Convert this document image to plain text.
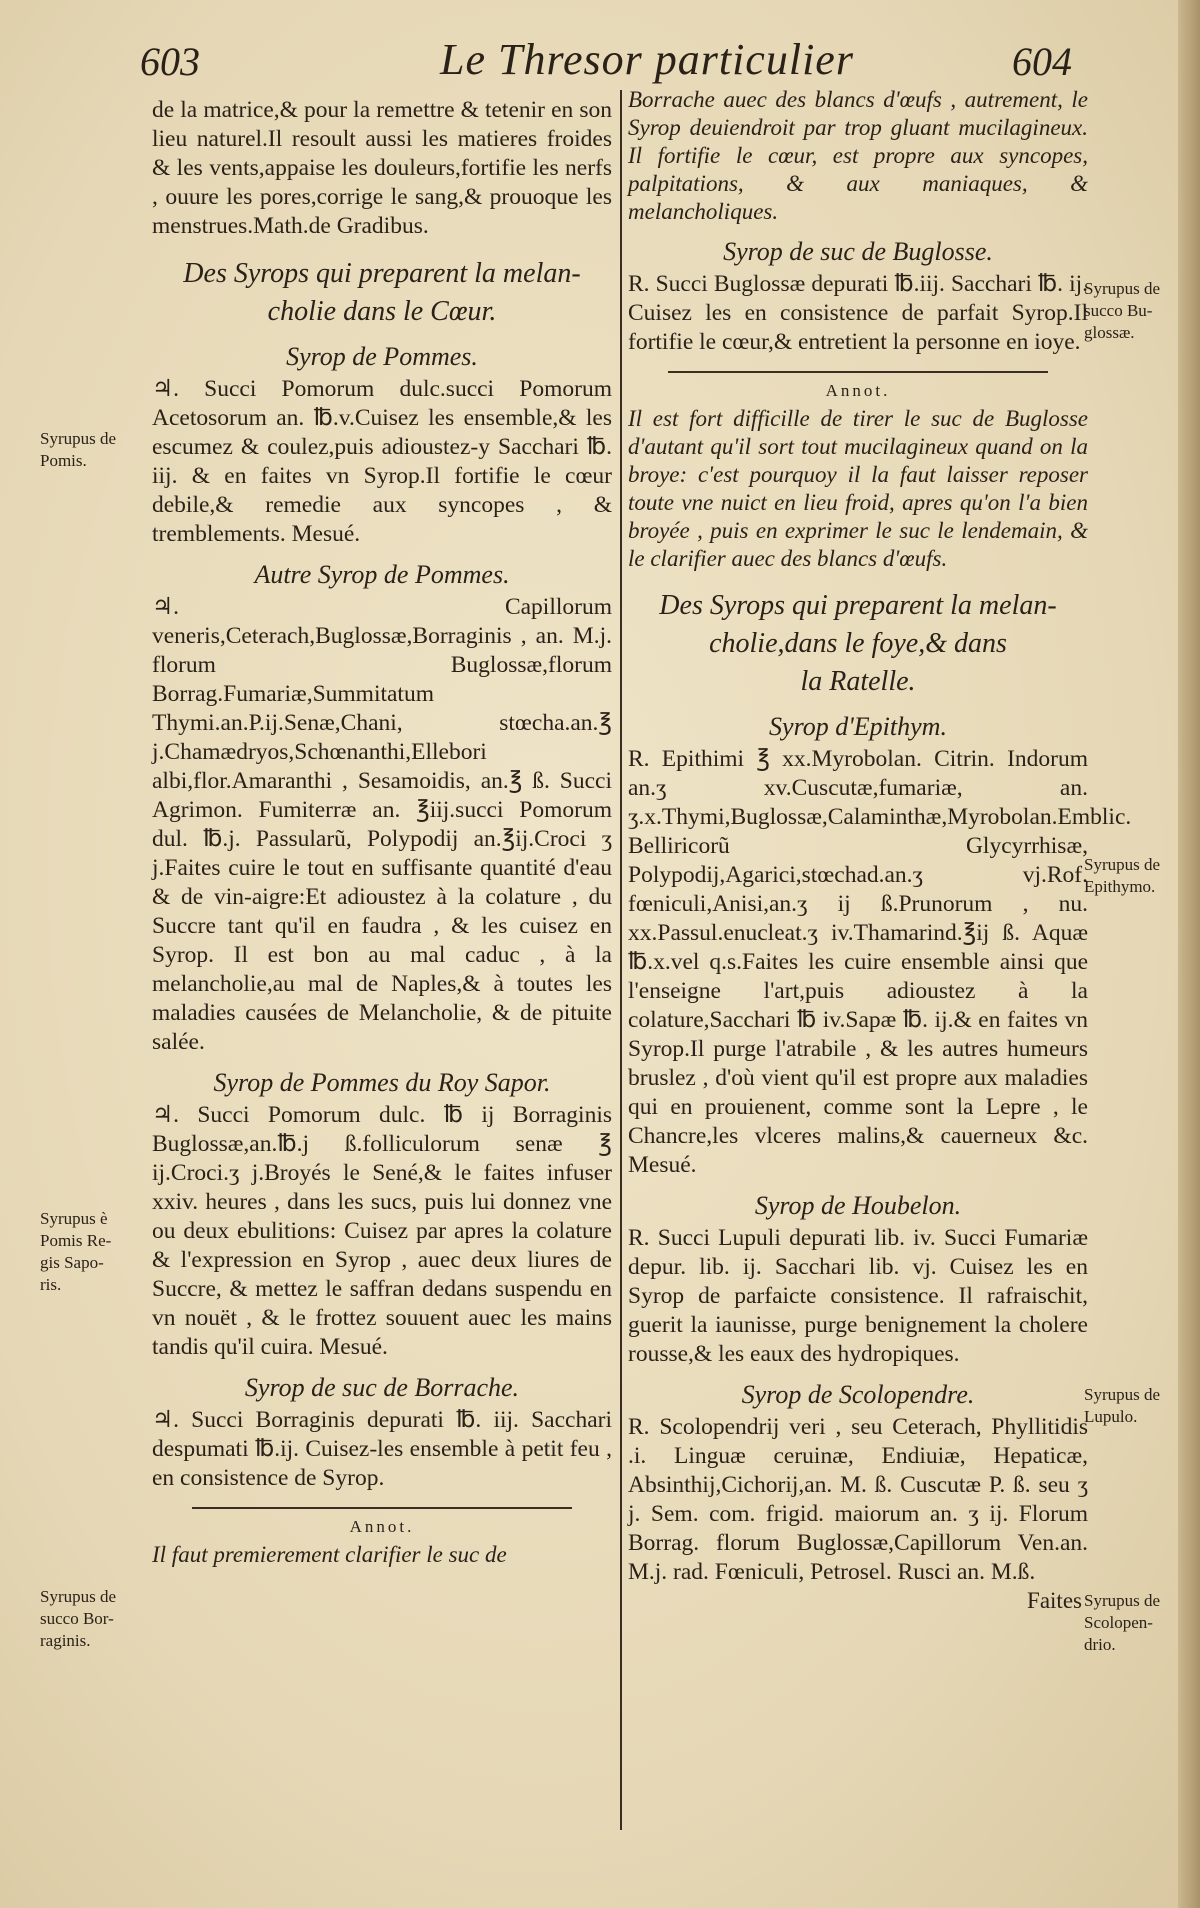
603	Le Thresor particulier	604
Syrupus de
Pomis.
Syrupus è
Pomis Re-
gis Sapo-
ris.
Syrupus de
succo Bor-
raginis.
Syrupus de
succo Bu-
glossæ.
Syrupus de
Epithymo.
Syrupus de
Lupulo.
Syrupus de
Scolopen-
drio.

de la matrice,& pour la remettre & tetenir en son lieu naturel.Il resoult aussi les matieres froides & les vents,appaise les douleurs,fortifie les nerfs , ouure les pores,corrige le sang,& prouoque les menstrues.Math.de Gradibus.

Des Syrops qui preparent la melan-
cholie dans le Cœur.
Syrop de Pommes.

♃. Succi Pomorum dulc.succi Pomorum Acetosorum an. ℔.v.Cuisez les ensemble,& les escumez & coulez,puis adioustez-y Sacchari ℔. iij. & en faites vn Syrop.Il fortifie le cœur debile,& remedie aux syncopes , & tremblements. Mesué.

Autre Syrop de Pommes.

♃. Capillorum veneris,Ceterach,Buglossæ,Borraginis , an. M.j. florum Buglossæ,florum Borrag.Fumariæ,Summitatum Thymi.an.P.ij.Senæ,Chani, stœcha.an.℥ j.Chamædryos,Schœnanthi,Ellebori albi,flor.Amaranthi , Sesamoidis, an.℥ ß. Succi Agrimon. Fumiterræ an. ℥iij.succi Pomorum dul. ℔.j. Passularũ, Polypodij an.℥ij.Croci ʒ j.Faites cuire le tout en suffisante quantité d'eau & de vin-aigre:Et adioustez à la colature , du Succre tant qu'il en faudra , & les cuisez en Syrop. Il est bon au mal caduc , à la melancholie,au mal de Naples,& à toutes les maladies causées de Melancholie, & de pituite salée.

Syrop de Pommes du Roy Sapor.

♃. Succi Pomorum dulc. ℔ ij Borraginis Buglossæ,an.℔.j ß.folliculorum senæ ℥ ij.Croci.ʒ j.Broyés le Sené,& le faites infuser xxiv. heures , dans les sucs, puis lui donnez vne ou deux ebulitions: Cuisez par apres la colature & l'expression en Syrop , auec deux liures de Succre, & mettez le saffran dedans suspendu en vn nouët , & le frottez souuent auec les mains tandis qu'il cuira. Mesué.

Syrop de suc de Borrache.

♃. Succi Borraginis depurati ℔. iij. Sacchari despumati ℔.ij. Cuisez-les ensemble à petit feu , en consistence de Syrop.

Annot.

Il faut premierement clarifier le suc de

Borrache auec des blancs d'œufs , autrement, le Syrop deuiendroit par trop gluant mucilagineux. Il fortifie le cœur, est propre aux syncopes, palpitations, & aux maniaques, & melancholiques.

Syrop de suc de Buglosse.

R. Succi Buglossæ depurati ℔.iij. Sacchari ℔. ij. Cuisez les en consistence de parfait Syrop.Il fortifie le cœur,& entretient la personne en ioye.

Annot.

Il est fort difficille de tirer le suc de Buglosse d'autant qu'il sort tout mucilagineux quand on la broye: c'est pourquoy il la faut laisser reposer toute vne nuict en lieu froid, apres qu'on l'a bien broyée , puis en exprimer le suc le lendemain, & le clarifier auec des blancs d'œufs.

Des Syrops qui preparent la melan-
cholie,dans le foye,& dans
la Ratelle.
Syrop d'Epithym.

R. Epithimi ℥ xx.Myrobolan. Citrin. Indorum an.ʒ xv.Cuscutæ,fumariæ, an. ʒ.x.Thymi,Buglossæ,Calaminthæ,Myrobolan.Emblic. Belliricorũ Glycyrrhisæ, Polypodij,Agarici,stœchad.an.ʒ vj.Rof. fœniculi,Anisi,an.ʒ ij ß.Prunorum , nu. xx.Passul.enucleat.ʒ iv.Thamarind.℥ij ß. Aquæ ℔.x.vel q.s.Faites les cuire ensemble ainsi que l'enseigne l'art,puis adioustez à la colature,Sacchari ℔ iv.Sapæ ℔. ij.& en faites vn Syrop.Il purge l'atrabile , & les autres humeurs bruslez , d'où vient qu'il est propre aux maladies qui en prouienent, comme sont la Lepre , le Chancre,les vlceres malins,& cauerneux &c. Mesué.

Syrop de Houbelon.

R. Succi Lupuli depurati lib. iv. Succi Fumariæ depur. lib. ij. Sacchari lib. vj. Cuisez les en Syrop de parfaicte consistence. Il rafraischit, guerit la iaunisse, purge benignement la cholere rousse,& les eaux des hydropiques.

Syrop de Scolopendre.

R. Scolopendrij veri , seu Ceterach, Phyllitidis .i. Linguæ ceruinæ, Endiuiæ, Hepaticæ, Absinthij,Cichorij,an. M. ß. Cuscutæ P. ß. seu ʒ j. Sem. com. frigid. maiorum an. ʒ ij. Florum Borrag. florum Buglossæ,Capillorum Ven.an. M.j. rad. Fœniculi, Petrosel. Rusci an. M.ß.

Faites
